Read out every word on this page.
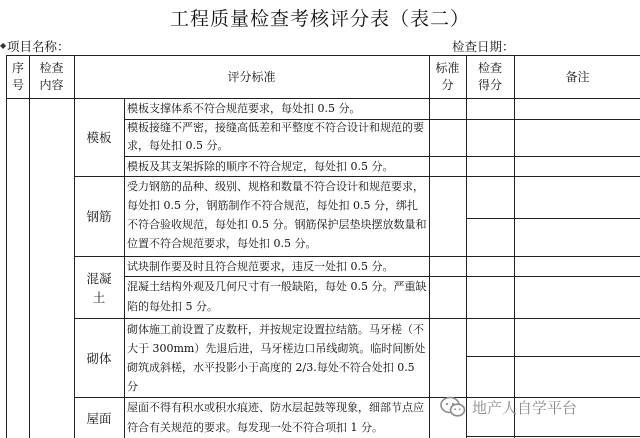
工程质量检查考核评分表（表二）
◆ 项目名称：	检查日期：
序
号
检查
内容
评分标准
标准
分
检查
得分
备注
模板
模板支撑体系不符合规范要求，每处扣 0.5 分。
模板接缝不严密，接缝高低差和平整度不符合设计和规范的要求，每处扣 0.5 分。
模板及其支架拆除的顺序不符合规定，每处扣 0.5 分。
钢筋
受力钢筋的品种、级别、规格和数量不符合设计和规范要求，每处扣 0.5 分，钢筋制作不符合规范，每处扣 0.5 分，绑扎不符合验收规范，每处扣 0.5 分。钢筋保护层垫块摆放数量和位置不符合规范要求，每处扣 0.5 分。
混凝
土
试块制作要及时且符合规范要求，违反一处扣 0.5 分。
混凝土结构外观及几何尺寸有一般缺陷，每处 0.5 分。严重缺陷的每处扣 5 分。
砌体
砌体施工前设置了皮数杆，并按规定设置拉结筋。马牙槎（不大于 300mm）先退后进，马牙槎边口吊线砌筑。临时间断处砌筑成斜槎，水平投影小于高度的 2/3.每处不符合处扣 0.5 分
屋面
屋面不得有积水或积水痕迹、防水层起鼓等现象，细部节点应符合有关规范的要求。每发现一处不符合项扣 1 分。
地产人自学平台
